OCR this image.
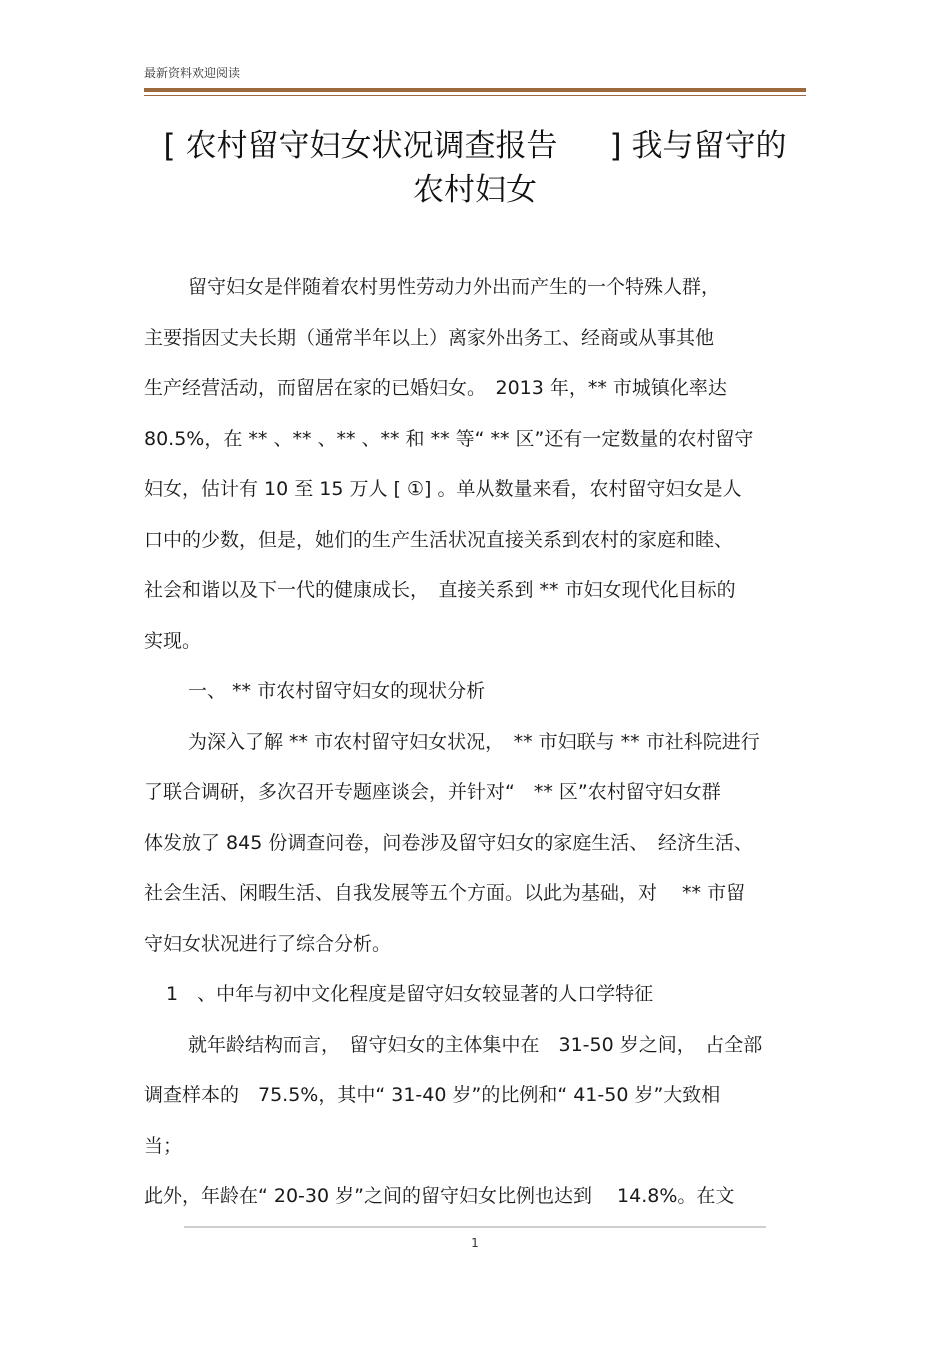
最新资料欢迎阅读
[ 农村留守妇女状况调查报告 ] 我与留守的
农村妇女

留守妇女是伴随着农村男性劳动力外出而产生的一个特殊人群，

主要指因丈夫长期（通常半年以上）离家外出务工、经商或从事其他

生产经营活动，而留居在家的已婚妇女。　2013 年，** 市城镇化率达

80.5%，在 ** 、** 、** 、** 和 ** 等“ ** 区”还有一定数量的农村留守

妇女，估计有 10 至 15 万人 [ ①] 。单从数量来看，农村留守妇女是人

口中的少数，但是，她们的生产生活状况直接关系到农村的家庭和睦、

社会和谐以及下一代的健康成长，　直接关系到 ** 市妇女现代化目标的

实现。

一、 ** 市农村留守妇女的现状分析

为深入了解 ** 市农村留守妇女状况，　** 市妇联与 ** 市社科院进行

了联合调研，多次召开专题座谈会，并针对“　** 区”农村留守妇女群

体发放了 845 份调查问卷，问卷涉及留守妇女的家庭生活、　经济生活、

社会生活、闲暇生活、自我发展等五个方面。以此为基础，对　 ** 市留

守妇女状况进行了综合分析。

1　、中年与初中文化程度是留守妇女较显著的人口学特征

就年龄结构而言，　留守妇女的主体集中在　31-50 岁之间，　占全部

调查样本的　75.5%，其中“ 31-40 岁”的比例和“ 41-50 岁”大致相

当；

此外，年龄在“ 20-30 岁”之间的留守妇女比例也达到　 14.8%。在文

1
